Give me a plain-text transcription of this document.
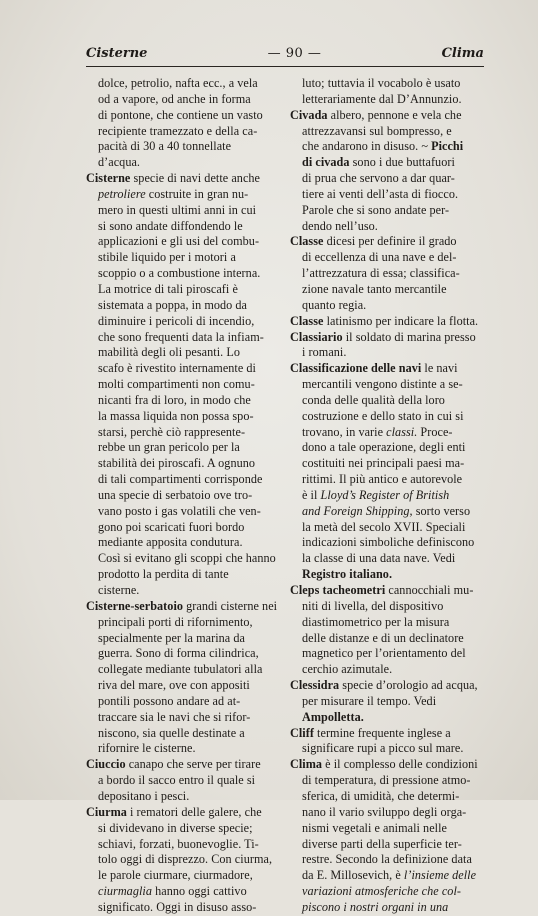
Cisterne	— 90 —	Clima
dolce, petrolio, nafta ecc., a vela
od a vapore, od anche in forma
di pontone, che contiene un vasto
recipiente tramezzato e della ca-
pacità di 30 a 40 tonnellate
d’acqua.
Cisterne specie di navi dette anche
petroliere costruite in gran nu-
mero in questi ultimi anni in cui
si sono andate diffondendo le
applicazioni e gli usi del combu-
stibile liquido per i motori a
scoppio o a combustione interna.
La motrice di tali piroscafi è
sistemata a poppa, in modo da
diminuire i pericoli di incendio,
che sono frequenti data la infiam-
mabilità degli oli pesanti. Lo
scafo è rivestito internamente di
molti compartimenti non comu-
nicanti fra di loro, in modo che
la massa liquida non possa spo-
starsi, perchè ciò rappresente-
rebbe un gran pericolo per la
stabilità dei piroscafi. A ognuno
di tali compartimenti corrisponde
una specie di serbatoio ove tro-
vano posto i gas volatili che ven-
gono poi scaricati fuori bordo
mediante apposita condutura.
Così si evitano gli scoppi che hanno
prodotto la perdita di tante
cisterne.
Cisterne-serbatoio grandi cisterne nei
principali porti di rifornimento,
specialmente per la marina da
guerra. Sono di forma cilindrica,
collegate mediante tubulatori alla
riva del mare, ove con appositi
pontili possono andare ad at-
traccare sia le navi che si rifor-
niscono, sia quelle destinate a
rifornire le cisterne.
Ciuccio canapo che serve per tirare
a bordo il sacco entro il quale si
depositano i pesci.
Ciurma i rematori delle galere, che
si dividevano in diverse specie;
schiavi, forzati, buonevoglie. Ti-
tolo oggi di disprezzo. Con ciurma,
le parole ciurmare, ciurmadore,
ciurmaglia hanno oggi cattivo
significato. Oggi in disuso asso-
luto; tuttavia il vocabolo è usato
letterariamente dal D’Annunzio.
Civada albero, pennone e vela che
attrezzavansi sul bompresso, e
che andarono in disuso. ~ Picchi
di civada sono i due buttafuori
di prua che servono a dar quar-
tiere ai venti dell’asta di fiocco.
Parole che si sono andate per-
dendo nell’uso.
Classe dicesi per definire il grado
di eccellenza di una nave e del-
l’attrezzatura di essa; classifica-
zione navale tanto mercantile
quanto regia.
Classe latinismo per indicare la flotta.
Classiario il soldato di marina presso
i romani.
Classificazione delle navi le navi
mercantili vengono distinte a se-
conda delle qualità della loro
costruzione e dello stato in cui si
trovano, in varie classi. Proce-
dono a tale operazione, degli enti
costituiti nei principali paesi ma-
rittimi. Il più antico e autorevole
è il Lloyd’s Register of British
and Foreign Shipping, sorto verso
la metà del secolo XVII. Speciali
indicazioni simboliche definiscono
la classe di una data nave. Vedi
Registro italiano.
Cleps tacheometri cannocchiali mu-
niti di livella, del dispositivo
diastimometrico per la misura
delle distanze e di un declinatore
magnetico per l’orientamento del
cerchio azimutale.
Clessidra specie d’orologio ad acqua,
per misurare il tempo. Vedi
Ampolletta.
Cliff termine frequente inglese a
significare rupi a picco sul mare.
Clima è il complesso delle condizioni
di temperatura, di pressione atmo-
sferica, di umidità, che determi-
nano il vario sviluppo degli orga-
nismi vegetali e animali nelle
diverse parti della superficie ter-
restre. Secondo la definizione data
da E. Millosevich, è l’insieme delle
variazioni atmosferiche che col-
piscono i nostri organi in una
